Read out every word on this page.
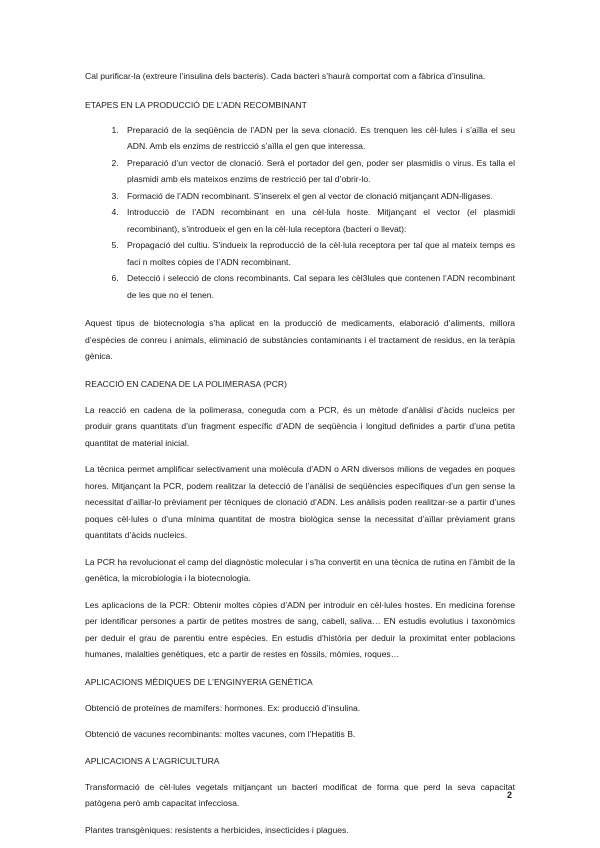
Cal purificar-la (extreure l’insulina dels bacteris). Cada bacteri s’haurà comportat com a fàbrica d’insulina.

ETAPES EN LA PRODUCCIÓ DE L’ADN RECOMBINANT
1. Preparació de la seqüència de l’ADN per la seva clonació. Es trenquen les cèl·lules i s’aïlla el seu ADN. Amb els enzims de restricció s’aïlla el gen que interessa.
2. Preparació d’un vector de clonació. Serà el portador del gen, poder ser plasmidis o virus. Es talla el plasmidi amb els mateixos enzims de restricció per tal d’obrir-lo.
3. Formació de l’ADN recombinant. S’insereix el gen al vector de clonació mitjançant ADN-lligases.
4. Introducció de l’ADN recombinant en una cèl·lula hoste. Mitjançant el vector (el plasmidi recombinant), s’introdueix el gen en la cèl·lula receptora (bacteri o llevat):
5. Propagació del cultiu. S’indueix la reproducció de la cèl·lula receptora per tal que al mateix temps es faci n moltes còpies de l’ADN recombinant.
6. Detecció i selecció de clons recombinants. Cal separa les cèl3lules que contenen l’ADN recombinant de les que no el tenen.

Aquest tipus de biotecnologia s’ha aplicat en la producció de medicaments, elaboració d’aliments, millora d’espècies de conreu i animals, eliminació de substàncies contaminants i el tractament de residus, en la teràpia gènica.

REACCIÓ EN CADENA DE LA POLIMERASA (PCR)

La reacció en cadena de la polimerasa, coneguda com a PCR, és un mètode d’anàlisi d’àcids nucleics per produir grans quantitats d’un fragment específic d’ADN de seqüència i longitud definides a partir d’una petita quantitat de material inicial.

La tècnica permet amplificar selectivament una molècula d’ADN o ARN diversos milions de vegades en poques hores. Mitjançant la PCR, podem realitzar la detecció de l’anàlisi de seqüències específiques d’un gen sense la necessitat d’aïllar-lo prèviament per tècniques de clonació d’ADN. Les anàlisis poden realitzar-se a partir d’unes poques cèl·lules o d’una mínima quantitat de mostra biològica sense la necessitat d’aïllar prèviament grans quantitats d’àcids nucleics.

La PCR ha revolucionat el camp del diagnòstic molecular i s’ha convertit en una tècnica de rutina en l’àmbit de la genètica, la microbiologia i la biotecnologia.

Les aplicacions de la PCR: Obtenir moltes còpies d’ADN per introduir en cèl·lules hostes. En medicina forense per identificar persones a partir de petites mostres de sang, cabell, saliva… EN estudis evolutius i taxonòmics per deduir el grau de parentiu entre espècies. En estudis d’història per deduir la proximitat enter poblacions humanes, malalties genètiques, etc a partir de restes en fòssils, mòmies, roques…

APLICACIONS MÈDIQUES DE L’ENGINYERIA GENÈTICA

Obtenció de proteïnes de mamífers: hormones. Ex: producció d’insulina.

Obtenció de vacunes recombinants: moltes vacunes, com l’Hepatitis B.

APLICACIONS A L’AGRICULTURA

Transformació de cèl·lules vegetals mitjançant un bacteri modificat de forma que perd la seva capacitat patògena però amb capacitat infecciosa.

Plantes transgèniques: resistents a herbicides, insecticides i plagues.

2
